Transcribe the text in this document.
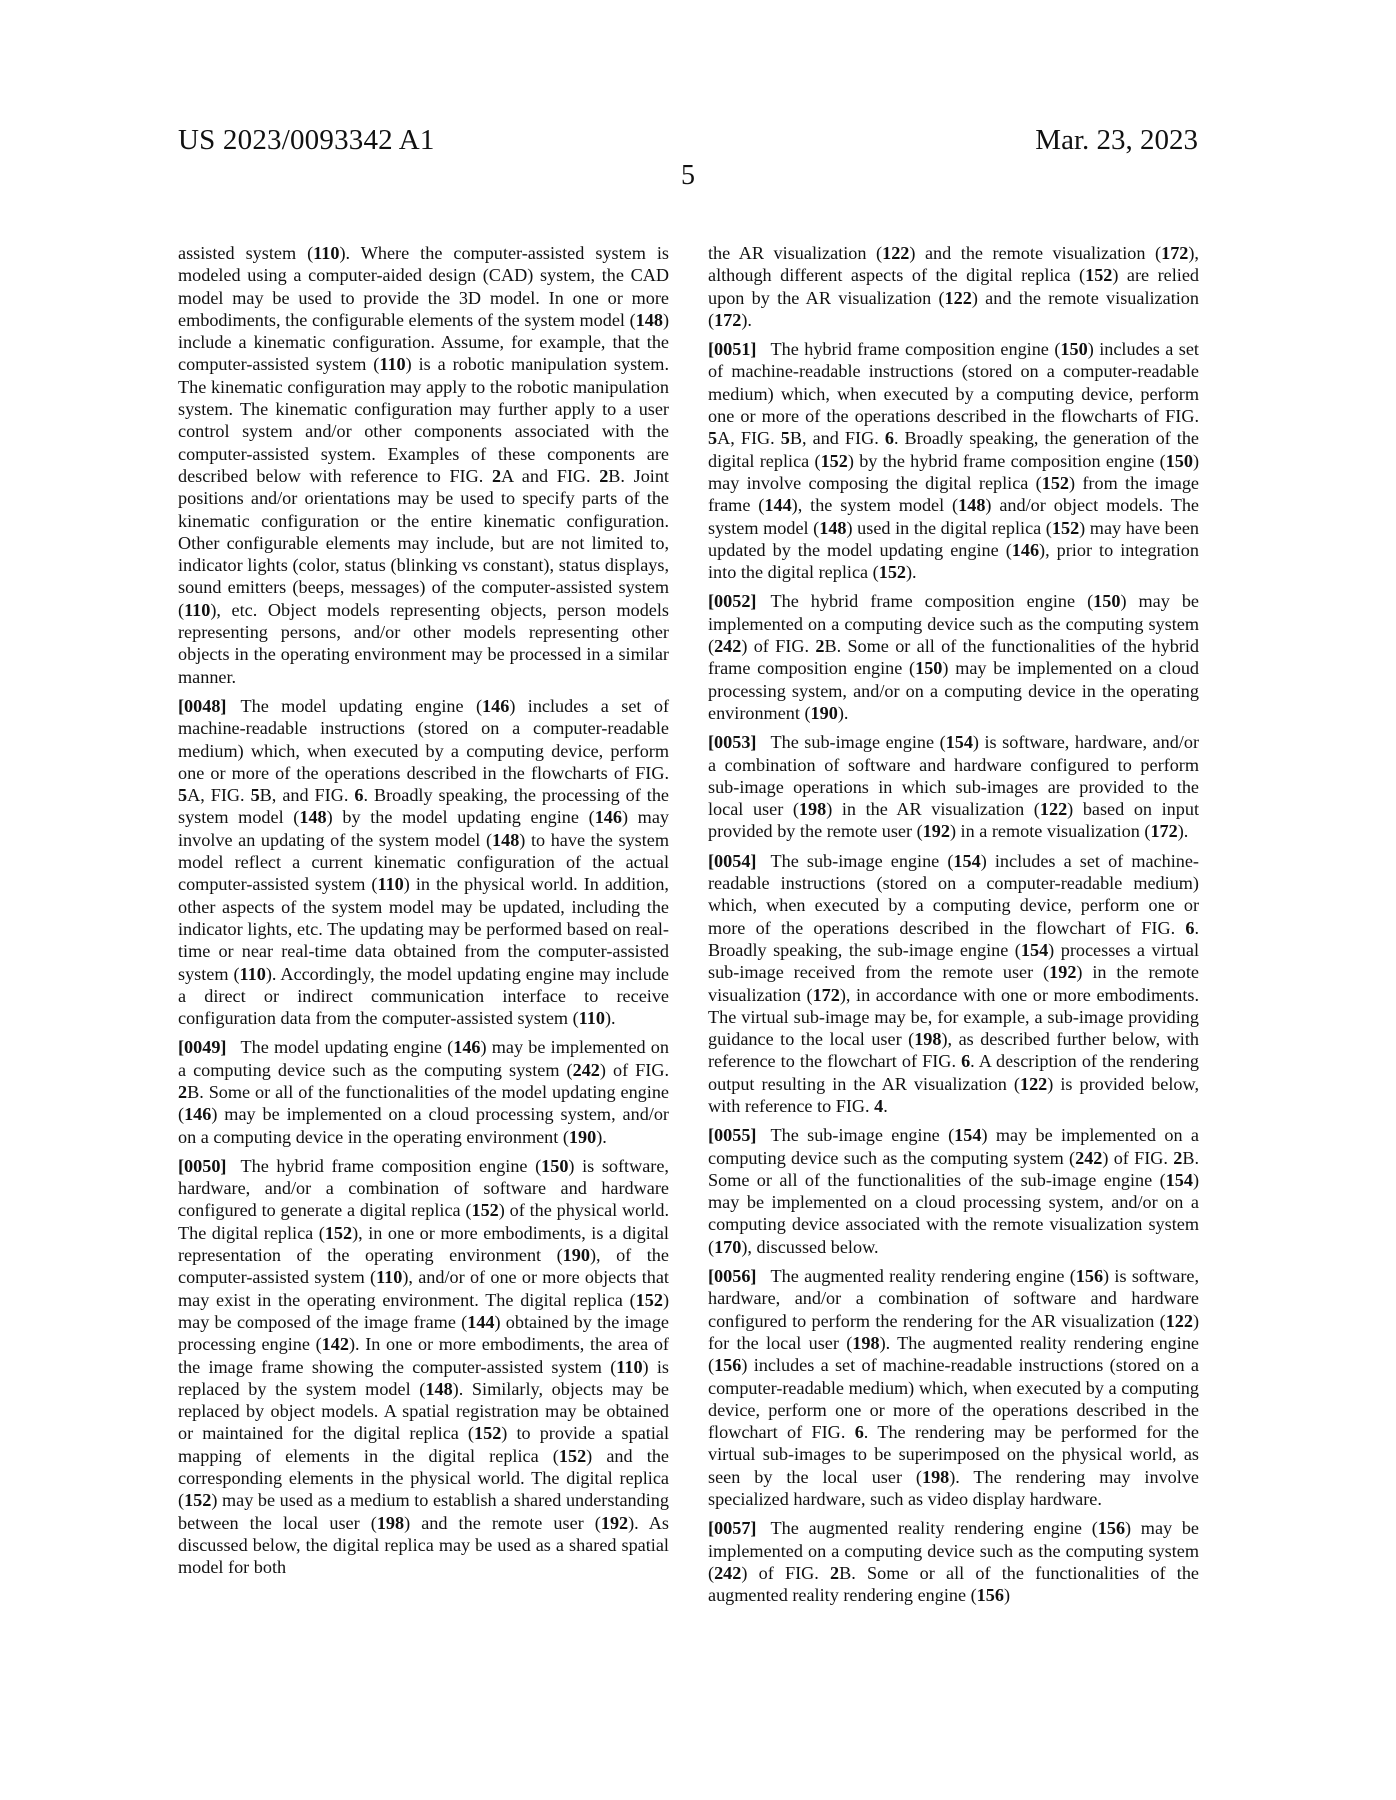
US 2023/0093342 A1
5
Mar. 23, 2023

assisted system (110). Where the computer-assisted system is modeled using a computer-aided design (CAD) system, the CAD model may be used to provide the 3D model. In one or more embodiments, the configurable elements of the system model (148) include a kinematic configuration. Assume, for example, that the computer-assisted system (110) is a robotic manipulation system. The kinematic configuration may apply to the robotic manipulation system. The kinematic configuration may further apply to a user control system and/or other components associated with the computer-assisted system. Examples of these components are described below with reference to FIG. 2A and FIG. 2B. Joint positions and/or orientations may be used to specify parts of the kinematic configuration or the entire kinematic configuration. Other configurable elements may include, but are not limited to, indicator lights (color, status (blinking vs constant), status displays, sound emitters (beeps, messages) of the computer-assisted system (110), etc. Object models representing objects, person models representing persons, and/or other models representing other objects in the operating environment may be processed in a similar manner.

[0048] The model updating engine (146) includes a set of machine-readable instructions (stored on a computer-readable medium) which, when executed by a computing device, perform one or more of the operations described in the flowcharts of FIG. 5A, FIG. 5B, and FIG. 6. Broadly speaking, the processing of the system model (148) by the model updating engine (146) may involve an updating of the system model (148) to have the system model reflect a current kinematic configuration of the actual computer-assisted system (110) in the physical world. In addition, other aspects of the system model may be updated, including the indicator lights, etc. The updating may be performed based on real-time or near real-time data obtained from the computer-assisted system (110). Accordingly, the model updating engine may include a direct or indirect communication interface to receive configuration data from the computer-assisted system (110).

[0049] The model updating engine (146) may be implemented on a computing device such as the computing system (242) of FIG. 2B. Some or all of the functionalities of the model updating engine (146) may be implemented on a cloud processing system, and/or on a computing device in the operating environment (190).

[0050] The hybrid frame composition engine (150) is software, hardware, and/or a combination of software and hardware configured to generate a digital replica (152) of the physical world. The digital replica (152), in one or more embodiments, is a digital representation of the operating environment (190), of the computer-assisted system (110), and/or of one or more objects that may exist in the operating environment. The digital replica (152) may be composed of the image frame (144) obtained by the image processing engine (142). In one or more embodiments, the area of the image frame showing the computer-assisted system (110) is replaced by the system model (148). Similarly, objects may be replaced by object models. A spatial registration may be obtained or maintained for the digital replica (152) to provide a spatial mapping of elements in the digital replica (152) and the corresponding elements in the physical world. The digital replica (152) may be used as a medium to establish a shared understanding between the local user (198) and the remote user (192). As discussed below, the digital replica may be used as a shared spatial model for both

the AR visualization (122) and the remote visualization (172), although different aspects of the digital replica (152) are relied upon by the AR visualization (122) and the remote visualization (172).

[0051] The hybrid frame composition engine (150) includes a set of machine-readable instructions (stored on a computer-readable medium) which, when executed by a computing device, perform one or more of the operations described in the flowcharts of FIG. 5A, FIG. 5B, and FIG. 6. Broadly speaking, the generation of the digital replica (152) by the hybrid frame composition engine (150) may involve composing the digital replica (152) from the image frame (144), the system model (148) and/or object models. The system model (148) used in the digital replica (152) may have been updated by the model updating engine (146), prior to integration into the digital replica (152).

[0052] The hybrid frame composition engine (150) may be implemented on a computing device such as the computing system (242) of FIG. 2B. Some or all of the functionalities of the hybrid frame composition engine (150) may be implemented on a cloud processing system, and/or on a computing device in the operating environment (190).

[0053] The sub-image engine (154) is software, hardware, and/or a combination of software and hardware configured to perform sub-image operations in which sub-images are provided to the local user (198) in the AR visualization (122) based on input provided by the remote user (192) in a remote visualization (172).

[0054] The sub-image engine (154) includes a set of machine-readable instructions (stored on a computer-readable medium) which, when executed by a computing device, perform one or more of the operations described in the flowchart of FIG. 6. Broadly speaking, the sub-image engine (154) processes a virtual sub-image received from the remote user (192) in the remote visualization (172), in accordance with one or more embodiments. The virtual sub-image may be, for example, a sub-image providing guidance to the local user (198), as described further below, with reference to the flowchart of FIG. 6. A description of the rendering output resulting in the AR visualization (122) is provided below, with reference to FIG. 4.

[0055] The sub-image engine (154) may be implemented on a computing device such as the computing system (242) of FIG. 2B. Some or all of the functionalities of the sub-image engine (154) may be implemented on a cloud processing system, and/or on a computing device associated with the remote visualization system (170), discussed below.

[0056] The augmented reality rendering engine (156) is software, hardware, and/or a combination of software and hardware configured to perform the rendering for the AR visualization (122) for the local user (198). The augmented reality rendering engine (156) includes a set of machine-readable instructions (stored on a computer-readable medium) which, when executed by a computing device, perform one or more of the operations described in the flowchart of FIG. 6. The rendering may be performed for the virtual sub-images to be superimposed on the physical world, as seen by the local user (198). The rendering may involve specialized hardware, such as video display hardware.

[0057] The augmented reality rendering engine (156) may be implemented on a computing device such as the computing system (242) of FIG. 2B. Some or all of the functionalities of the augmented reality rendering engine (156)
